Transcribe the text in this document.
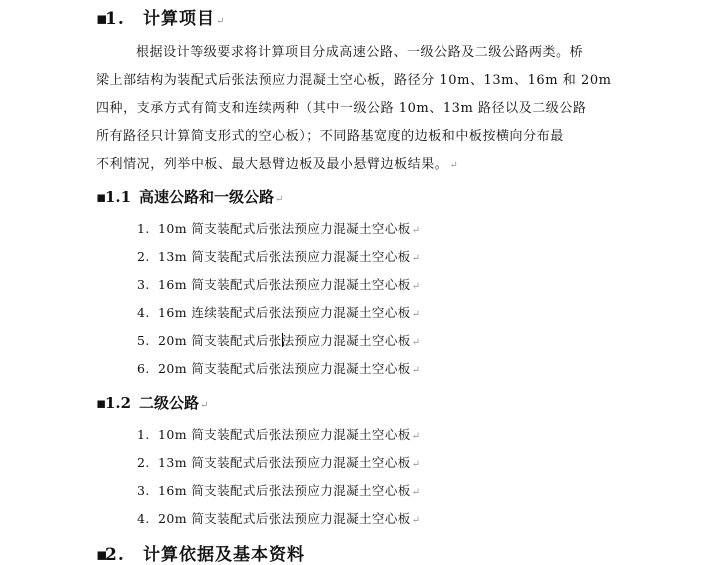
▪1. 计算项目↵
根据设计等级要求将计算项目分成高速公路、一级公路及二级公路两类。桥
梁上部结构为装配式后张法预应力混凝土空心板，路径分 10m、13m、16m 和 20m
四种，支承方式有简支和连续两种（其中一级公路 10m、13m 路径以及二级公路
所有路径只计算简支形式的空心板）；不同路基宽度的边板和中板按横向分布最
不利情况，列举中板、最大悬臂边板及最小悬臂边板结果。↵
▪1.1 高速公路和一级公路↵
1. 10m 简支装配式后张法预应力混凝土空心板↵
2. 13m 简支装配式后张法预应力混凝土空心板↵
3. 16m 简支装配式后张法预应力混凝土空心板↵
4. 16m 连续装配式后张法预应力混凝土空心板↵
5. 20m 简支装配式后张法预应力混凝土空心板↵
6. 20m 简支装配式后张法预应力混凝土空心板↵
▪1.2 二级公路↵
1. 10m 简支装配式后张法预应力混凝土空心板↵
2. 13m 简支装配式后张法预应力混凝土空心板↵
3. 16m 简支装配式后张法预应力混凝土空心板↵
4. 20m 简支装配式后张法预应力混凝土空心板↵
▪2. 计算依据及基本资料
